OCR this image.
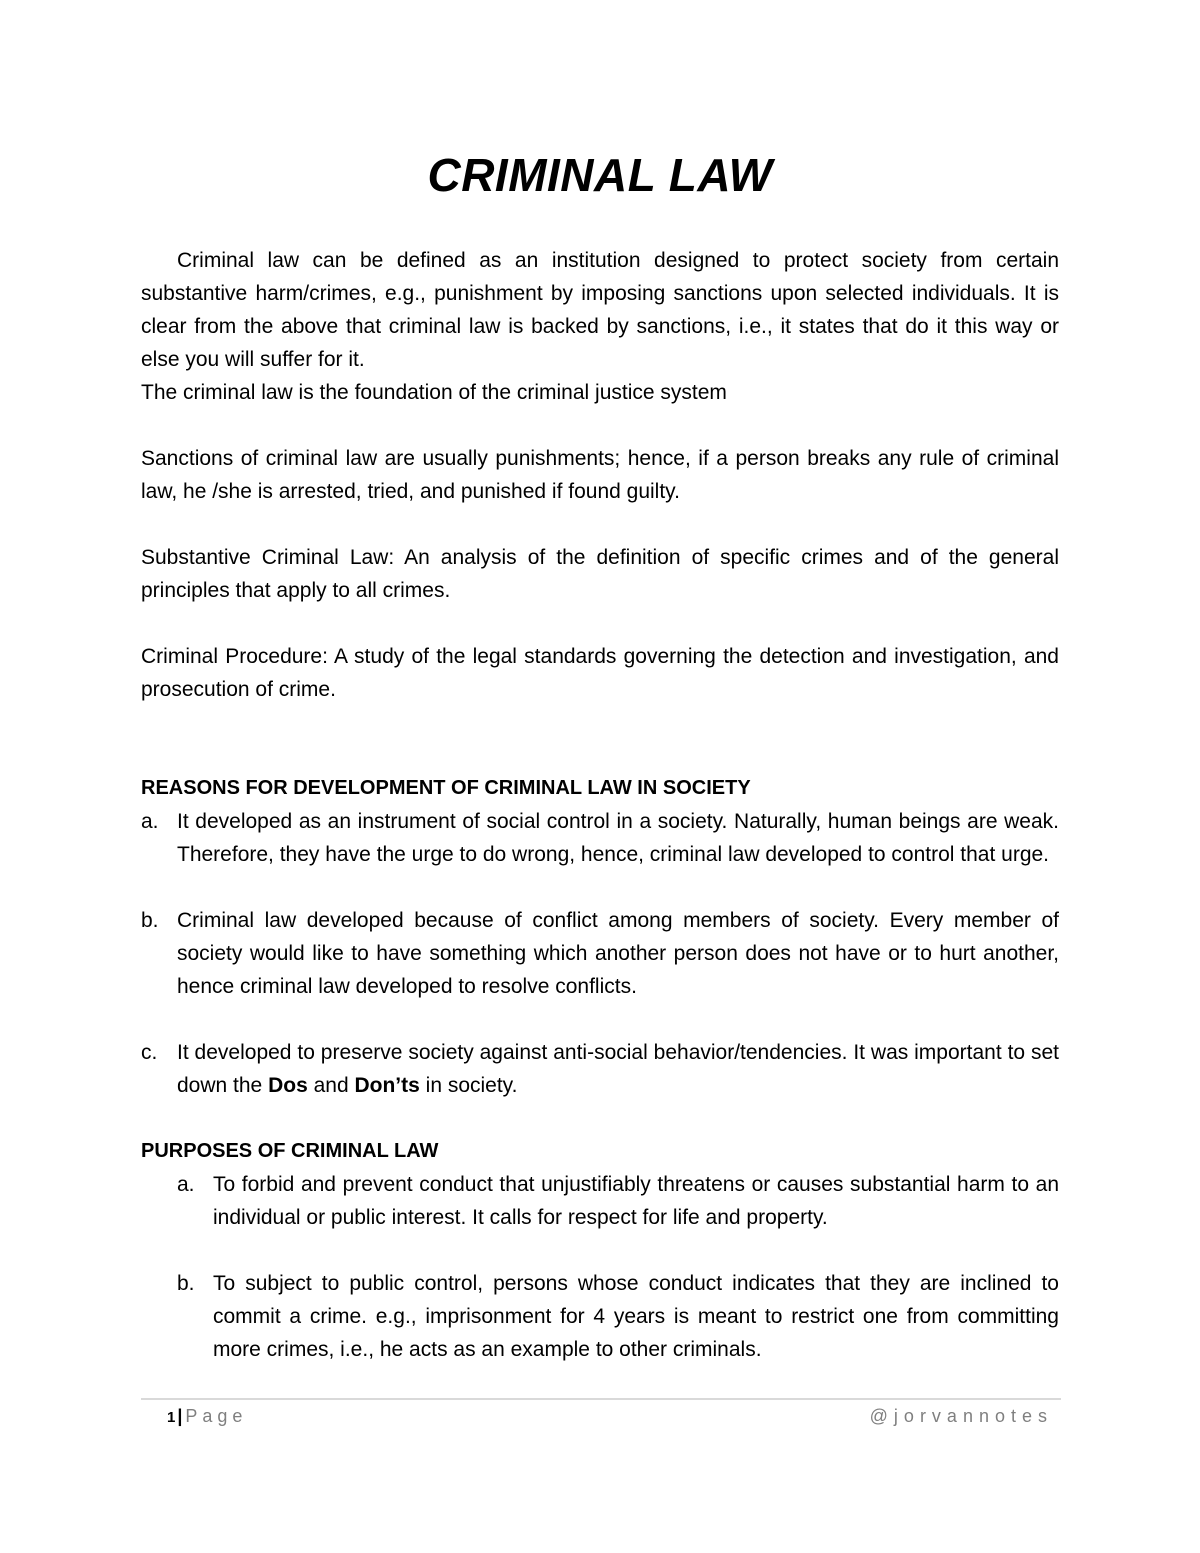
CRIMINAL LAW

Criminal law can be defined as an institution designed to protect society from certain substantive harm/crimes, e.g., punishment by imposing sanctions upon selected individuals. It is clear from the above that criminal law is backed by sanctions, i.e., it states that do it this way or else you will suffer for it.

The criminal law is the foundation of the criminal justice system

Sanctions of criminal law are usually punishments; hence, if a person breaks any rule of criminal law, he /she is arrested, tried, and punished if found guilty.

Substantive Criminal Law: An analysis of the definition of specific crimes and of the general principles that apply to all crimes.

Criminal Procedure: A study of the legal standards governing the detection and investigation, and prosecution of crime.

REASONS FOR DEVELOPMENT OF CRIMINAL LAW IN SOCIETY

a. It developed as an instrument of social control in a society. Naturally, human beings are weak. Therefore, they have the urge to do wrong, hence, criminal law developed to control that urge.
b. Criminal law developed because of conflict among members of society. Every member of society would like to have something which another person does not have or to hurt another, hence criminal law developed to resolve conflicts.
c. It developed to preserve society against anti-social behavior/tendencies. It was important to set down the Dos and Don’ts in society.

PURPOSES OF CRIMINAL LAW

a. To forbid and prevent conduct that unjustifiably threatens or causes substantial harm to an individual or public interest. It calls for respect for life and property.
b. To subject to public control, persons whose conduct indicates that they are inclined to commit a crime. e.g., imprisonment for 4 years is meant to restrict one from committing more crimes, i.e., he acts as an example to other criminals.
1 | Page	@jorvannotes
